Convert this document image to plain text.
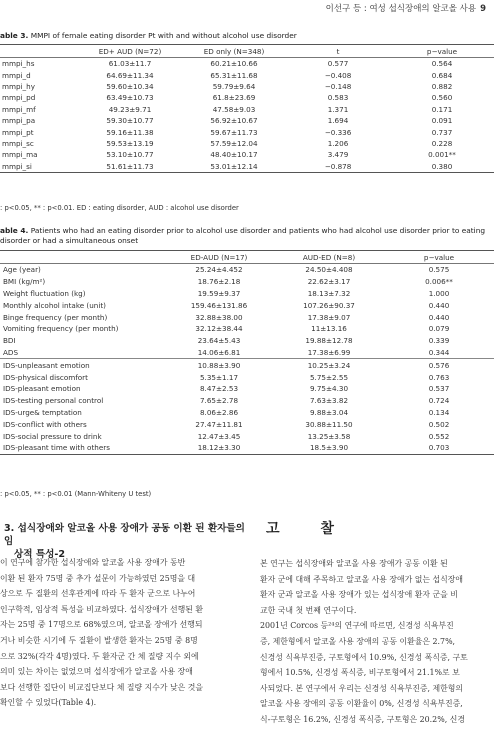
이선구 등 : 여성 섭식장애의 알코올 사용 9
able 3. MMPI of female eating disorder Pt with and without alcohol use disorder
	ED+ AUD (N=72)	ED only (N=348)	t	p−value
mmpi_hs	61.03±11.7	60.21±10.66	0.577	0.564
mmpi_d	64.69±11.34	65.31±11.68	−0.408	0.684
mmpi_hy	59.60±10.34	59.79±9.64	−0.148	0.882
mmpi_pd	63.49±10.73	61.8±23.69	0.583	0.560
mmpi_mf	49.23±9.71	47.58±9.03	1.371	0.171
mmpi_pa	59.30±10.77	56.92±10.67	1.694	0.091
mmpi_pt	59.16±11.38	59.67±11.73	−0.336	0.737
mmpi_sc	59.53±13.19	57.59±12.04	1.206	0.228
mmpi_ma	53.10±10.77	48.40±10.17	3.479	0.001**
mmpi_si	51.61±11.73	53.01±12.14	−0.878	0.380
: p<0.05, ** : p<0.01. ED : eating disorder, AUD : alcohol use disorder
able 4. Patients who had an eating disorder prior to alcohol use disorder and patients who had alcohol use disorder prior to eating
disorder or had a simultaneous onset
	ED-AUD (N=17)	AUD-ED (N=8)	p−value
Age (year)	25.24±4.452	24.50±4.408	0.575
BMI (kg/m²)	18.76±2.18	22.62±3.17	0.006**
Weight fluctuation (kg)	19.59±9.37	18.13±7.32	1.000
Monthly alcohol intake (unit)	159.46±131.86	107.26±90.37	0.440
Binge frequency (per month)	32.88±38.00	17.38±9.07	0.440
Vomiting frequency (per month)	32.12±38.44	11±13.16	0.079
BDI	23.64±5.43	19.88±12.78	0.339
ADS	14.06±6.81	17.38±6.99	0.344
IDS-unpleasant emotion	10.88±3.90	10.25±3.24	0.576
IDS-physical discomfort	5.35±1.17	5.75±2.55	0.763
IDS-pleasant emotion	8.47±2.53	9.75±4.30	0.537
IDS-testing personal control	7.65±2.78	7.63±3.82	0.724
IDS-urge& temptation	8.06±2.86	9.88±3.04	0.134
IDS-conflict with others	27.47±11.81	30.88±11.50	0.502
IDS-social pressure to drink	12.47±3.45	13.25±3.58	0.552
IDS-pleasant time with others	18.12±3.30	18.5±3.90	0.703
: p<0.05, ** : p<0.01 (Mann-Whiteny U test)
3. 섭식장애와 알코올 사용 장애가 공동 이환 된 환자들의 임
상적 특성-2
고 찰

이 연구에 참가한 섭식장애와 알코올 사용 장애가 동반

이환 된 환자 75명 중 추가 설문이 가능하였던 25명을 대

상으로 두 질환의 선후관계에 따라 두 환자 군으로 나누어

인구학적, 임상적 특성을 비교하였다. 섭식장애가 선행된 환

자는 25명 중 17명으로 68%였으며, 알코올 장애가 선행되

거나 비슷한 시기에 두 질환이 발생한 환자는 25명 중 8명

으로 32%(각각 4명)였다. 두 환자군 간 체 질량 지수 외에

의미 있는 차이는 없었으며 섭식장애가 알코올 사용 장애

보다 선행한 집단이 비교집단보다 체 질량 지수가 낮은 것을

확인할 수 있었다(Table 4).

본 연구는 섭식장애와 알코올 사용 장애가 공동 이환 된

환자 군에 대해 주목하고 알코올 사용 장애가 없는 섭식장애

환자 군과 알코올 사용 장애가 있는 섭식장애 환자 군을 비

교한 국내 첫 번째 연구이다.

2001년 Corcos 등²⁴의 연구에 따르면, 신경성 식욕부진

증, 제한형에서 알코올 사용 장애의 공동 이환율은 2.7%,

신경성 식욕부진증, 구토형에서 10.9%, 신경성 폭식증, 구토

형에서 10.5%, 신경성 폭식증, 비구토형에서 21.1%로 보

사되었다. 본 연구에서 우리는 신경성 식욕부진증, 제한형의

알코올 사용 장애의 공동 이환율이 0%, 신경성 식욕부진증,

식-구토형은 16.2%, 신경성 폭식증, 구토형은 20.2%, 신경
